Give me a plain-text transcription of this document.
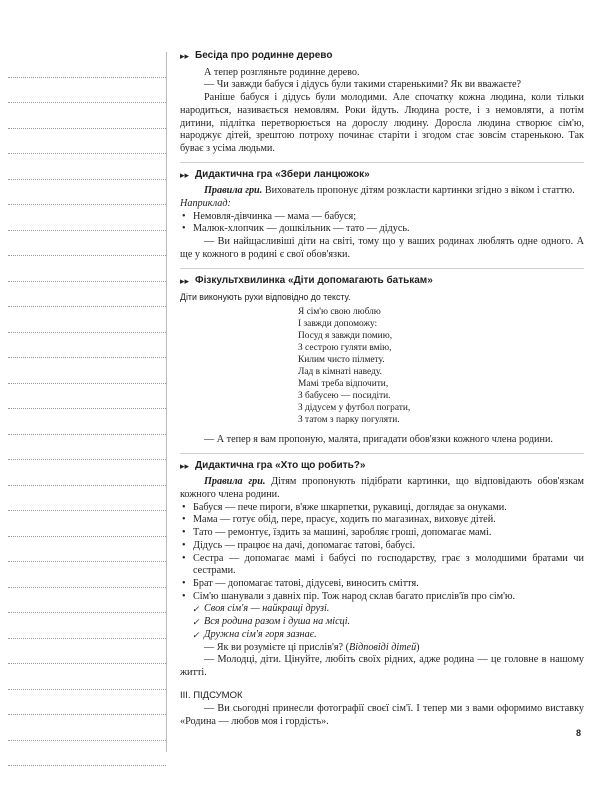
▸▸ Бесіда про родинне дерево

А тепер розгляньте родинне дерево.

— Чи завжди бабуся і дідусь були такими старенькими? Як ви вважаєте?

Раніше бабуся і дідусь були молодими. Але спочатку кожна людина, коли тільки народиться, називається немовлям. Роки йдуть. Людина росте, і з немовляти, а потім дитини, підлітка перетворюється на дорослу людину. Доросла людина створює сім'ю, народжує дітей, зрештою потроху починає старіти і згодом стає зовсім старенькою. Так буває з усіма людьми.

▸▸ Дидактична гра «Збери ланцюжок»

Правила гри. Вихователь пропонує дітям розкласти картинки згідно з віком і статтю.

Наприклад:

• Немовля-дівчинка — мама — бабуся;
• Малюк-хлопчик — дошкільник — тато — дідусь.

— Ви найщасливіші діти на світі, тому що у ваших родинах люблять одне одного. А ще у кожного в родині є свої обов'язки.

▸▸ Фізкультхвилинка «Діти допомагають батькам»

Діти виконують рухи відповідно до тексту.

Я сім'ю свою люблю
І завжди допоможу:
Посуд я завжди помию,
З сестрою гуляти вмію,
Килим чисто пілмету.
Лад в кімнаті наведу.
Мамі треба відпочити,
З бабусею — посидіти.
З дідусем у футбол пограти,
З татом з парку погуляти.

— А тепер я вам пропоную, малята, пригадати обов'язки кожного члена родини.

▸▸ Дидактична гра «Хто що робить?»

Правила гри. Дітям пропонують підібрати картинки, що відповідають обов'язкам кожного члена родини.

• Бабуся — пече пироги, в'яже шкарпетки, рукавиці, доглядає за онуками.
• Мама — готує обід, пере, прасує, ходить по магазинах, виховує дітей.
• Тато — ремонтує, їздить за машині, заробляє гроші, допомагає мамі.
• Дідусь — працює на дачі, допомагає татові, бабусі.
• Сестра — допомагає мамі і бабусі по господарству, грає з молодшими братами чи сестрами.
• Брат — допомагає татові, дідусеві, виносить сміття.
• Сім'ю шанували з давніх пір. Тож народ склав багато прислів'їв про сім'ю.
✓ Своя сім'я — найкращі друзі.
✓ Вся родина разом і душа на місці.
✓ Дружна сім'я горя зазнає.

— Як ви розумієте ці прислів'я? (Відповіді дітей)

— Молодці, діти. Цінуйте, любіть своїх рідних, адже родина — це головне в нашому житті.

ІІІ. ПІДСУМОК

— Ви сьогодні принесли фотографії своєї сім'ї. І тепер ми з вами оформимо виставку «Родина — любов моя і гордість».

8
